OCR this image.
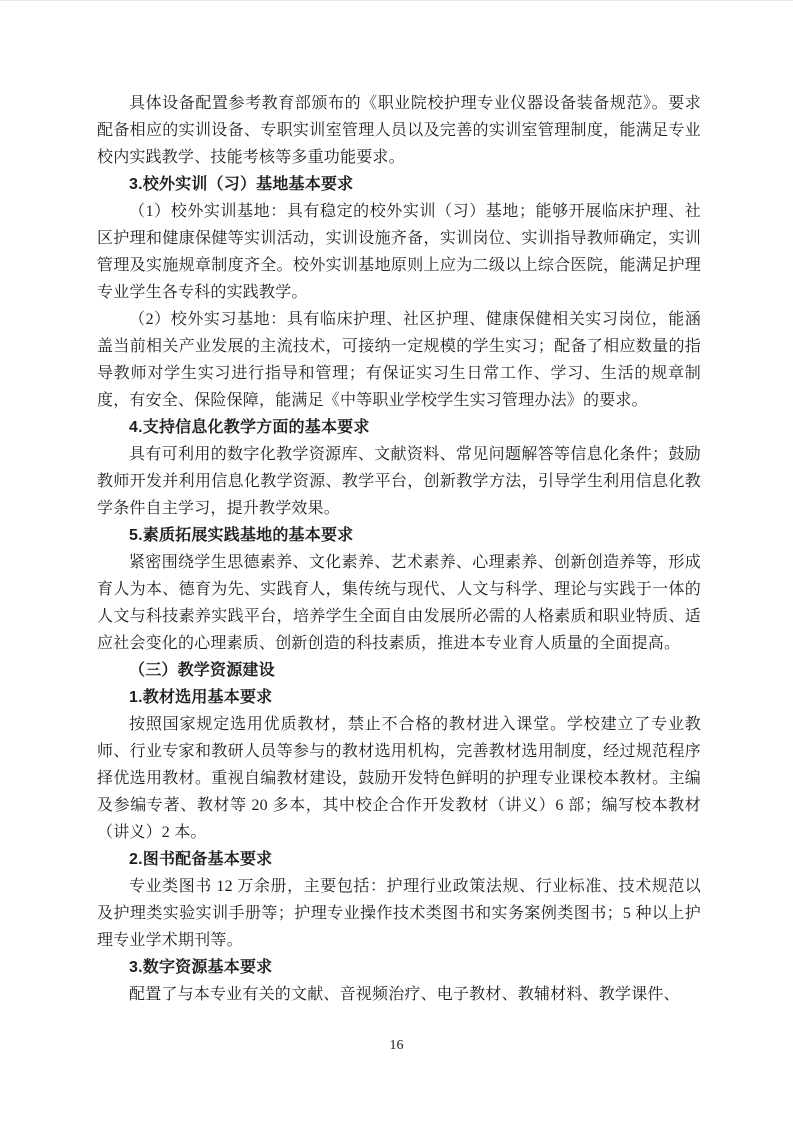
具体设备配置参考教育部颁布的《职业院校护理专业仪器设备装备规范》。要求配备相应的实训设备、专职实训室管理人员以及完善的实训室管理制度，能满足专业校内实践教学、技能考核等多重功能要求。

3.校外实训（习）基地基本要求

（1）校外实训基地：具有稳定的校外实训（习）基地；能够开展临床护理、社区护理和健康保健等实训活动，实训设施齐备，实训岗位、实训指导教师确定，实训管理及实施规章制度齐全。校外实训基地原则上应为二级以上综合医院，能满足护理专业学生各专科的实践教学。

（2）校外实习基地：具有临床护理、社区护理、健康保健相关实习岗位，能涵盖当前相关产业发展的主流技术，可接纳一定规模的学生实习；配备了相应数量的指导教师对学生实习进行指导和管理；有保证实习生日常工作、学习、生活的规章制度，有安全、保险保障，能满足《中等职业学校学生实习管理办法》的要求。

4.支持信息化教学方面的基本要求

具有可利用的数字化教学资源库、文献资料、常见问题解答等信息化条件；鼓励教师开发并利用信息化教学资源、教学平台，创新教学方法，引导学生利用信息化教学条件自主学习，提升教学效果。

5.素质拓展实践基地的基本要求

紧密围绕学生思德素养、文化素养、艺术素养、心理素养、创新创造养等，形成育人为本、德育为先、实践育人，集传统与现代、人文与科学、理论与实践于一体的人文与科技素养实践平台，培养学生全面自由发展所必需的人格素质和职业特质、适应社会变化的心理素质、创新创造的科技素质，推进本专业育人质量的全面提高。

（三）教学资源建设
1.教材选用基本要求

按照国家规定选用优质教材，禁止不合格的教材进入课堂。学校建立了专业教师、行业专家和教研人员等参与的教材选用机构，完善教材选用制度，经过规范程序择优选用教材。重视自编教材建设，鼓励开发特色鲜明的护理专业课校本教材。主编及参编专著、教材等 20 多本，其中校企合作开发教材（讲义）6 部；编写校本教材（讲义）2 本。

2.图书配备基本要求

专业类图书 12 万余册，主要包括：护理行业政策法规、行业标准、技术规范以及护理类实验实训手册等；护理专业操作技术类图书和实务案例类图书；5 种以上护理专业学术期刊等。

3.数字资源基本要求

配置了与本专业有关的文献、音视频治疗、电子教材、教辅材料、教学课件、

16
